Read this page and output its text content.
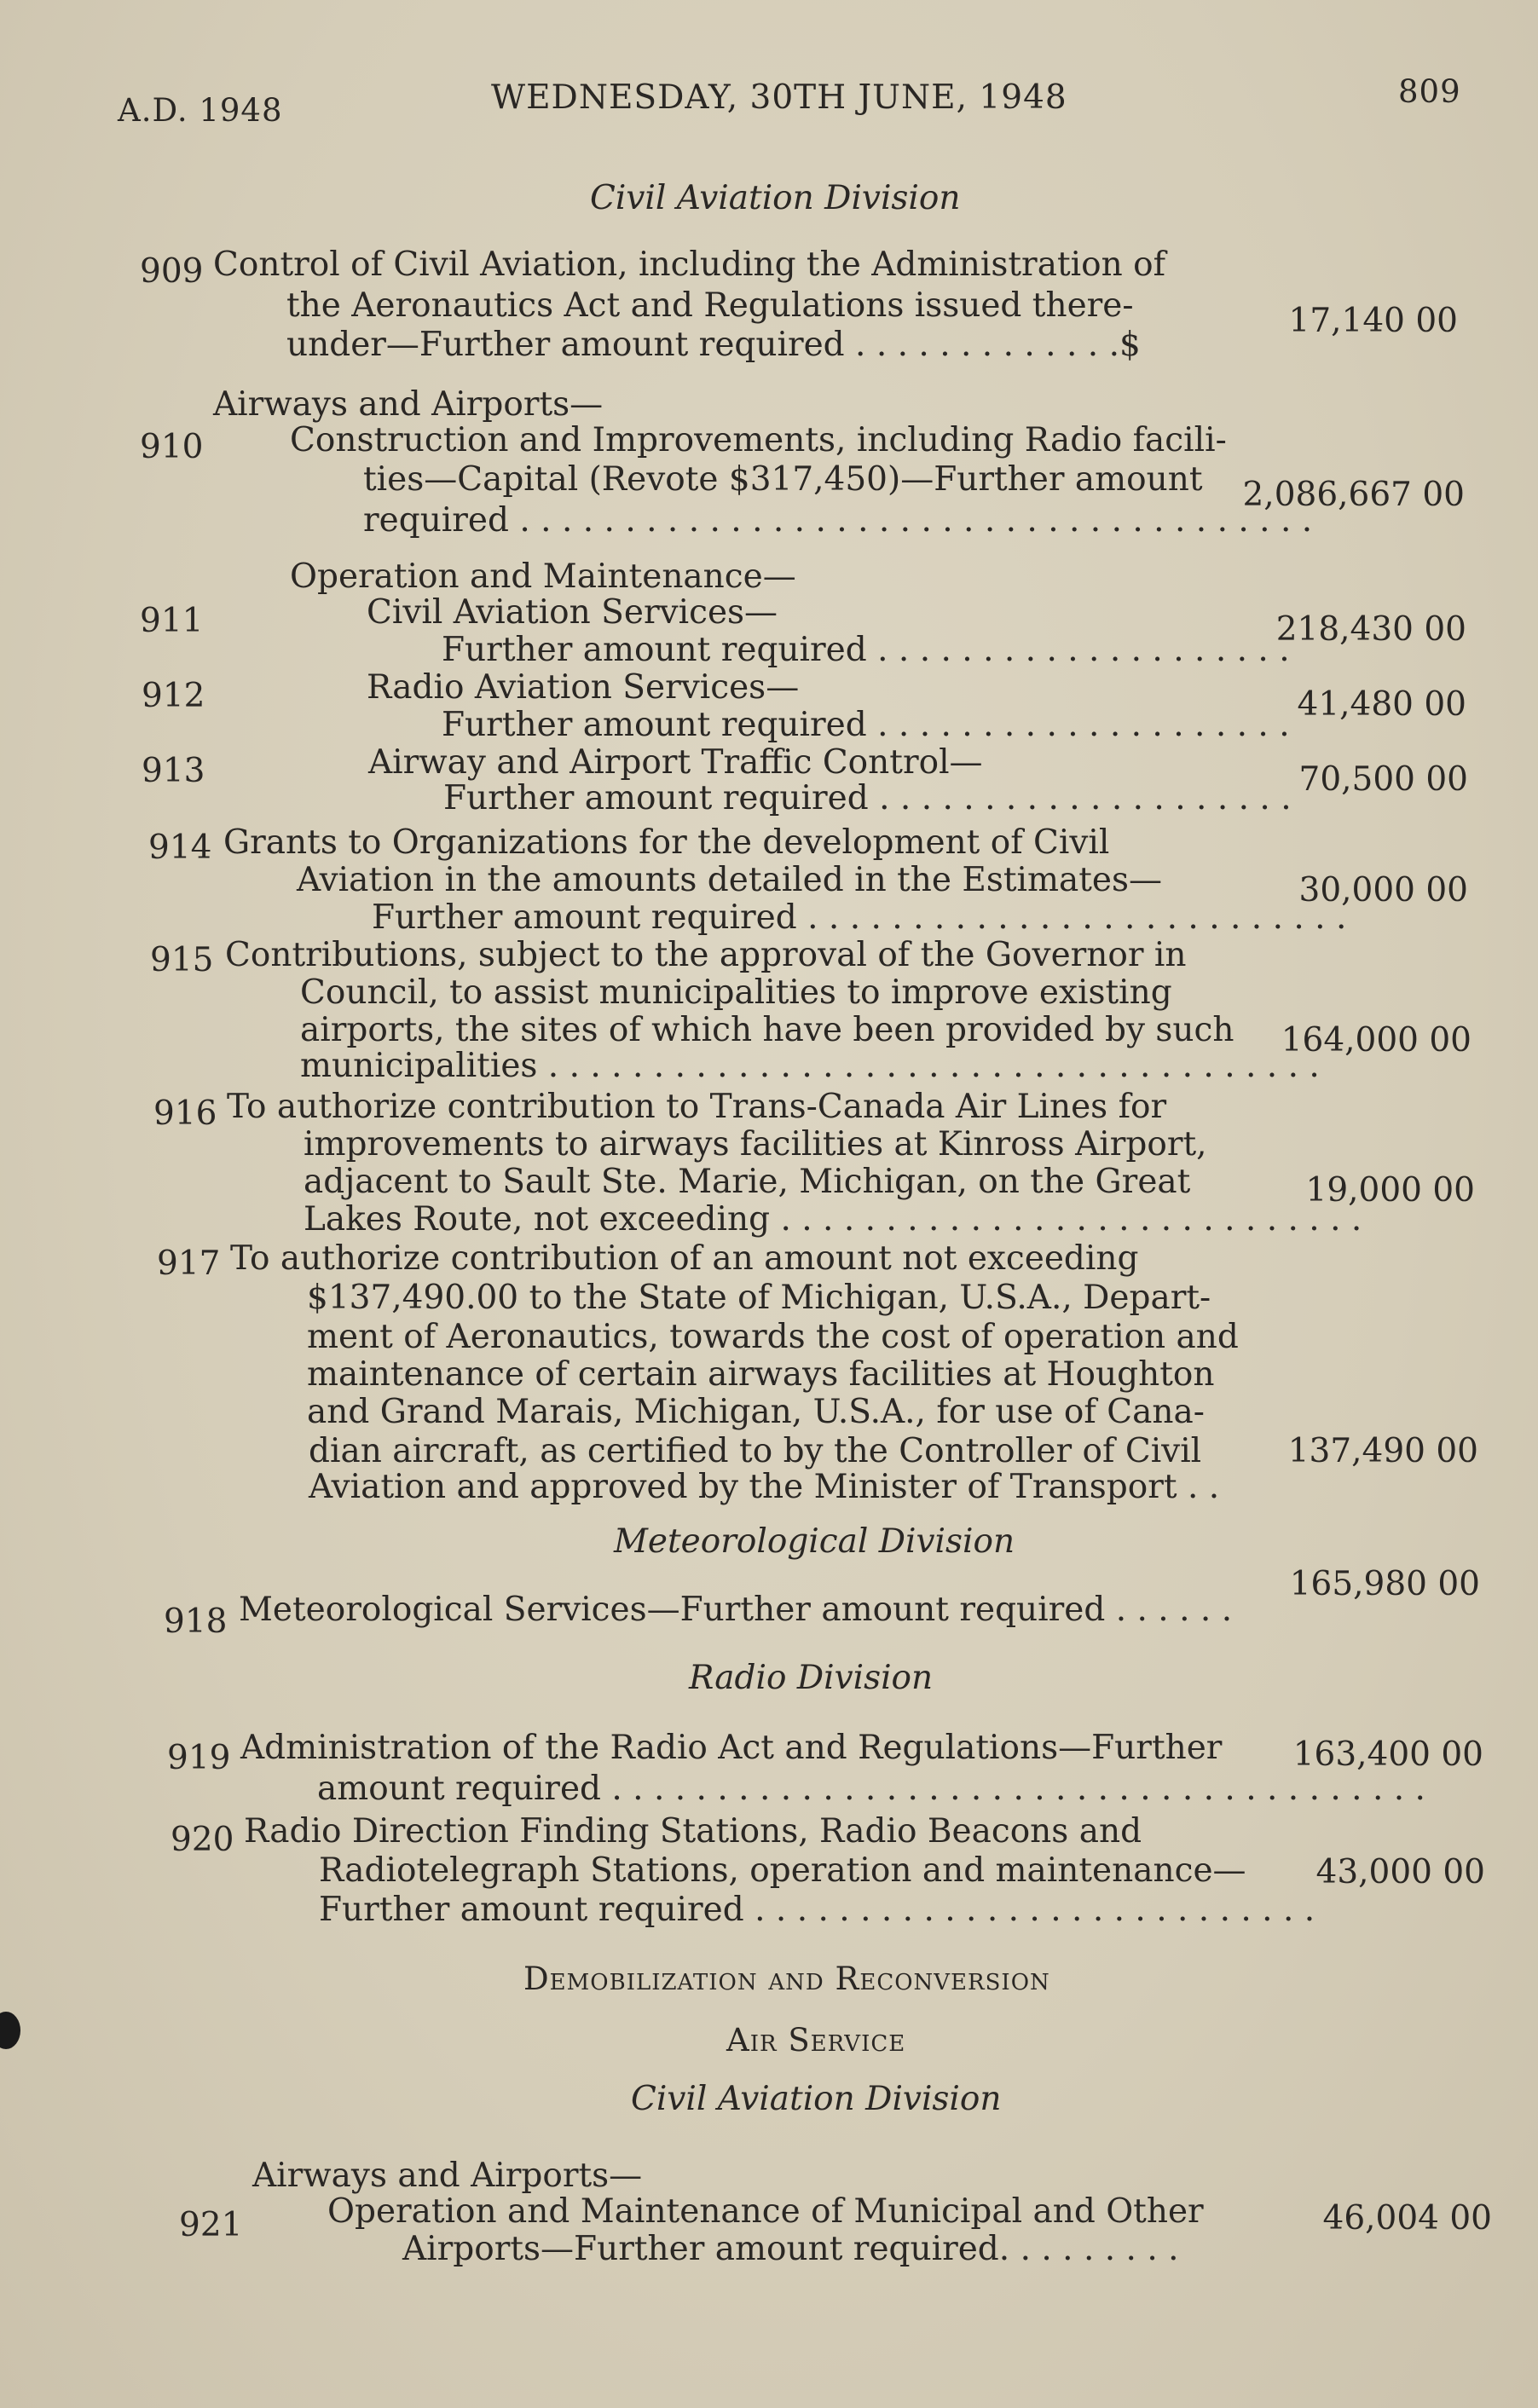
A.D. 1948	WEDNESDAY, 30TH JUNE, 1948	809
Civil Aviation Division
909 Control of Civil Aviation, including the Administration of
the Aeronautics Act and Regulations issued there-
under—Further amount required . . . . . . . . . . . . .$
17,140 00
Airways and Airports—
910	Construction and Improvements, including Radio facili-
ties—Capital (Revote $317,450)—Further amount
required . . . . . . . . . . . . . . . . . . . . . . . . . . . . . . . . . . . . . .
2,086,667 00
Operation and Maintenance—
911	Civil Aviation Services—
Further amount required . . . . . . . . . . . . . . . . . . . .
218,430 00
912	Radio Aviation Services—
Further amount required . . . . . . . . . . . . . . . . . . . .
41,480 00
913	Airway and Airport Traffic Control—
Further amount required . . . . . . . . . . . . . . . . . . . . 70,500 00
914 Grants to Organizations for the development of Civil
Aviation in the amounts detailed in the Estimates—
Further amount required . . . . . . . . . . . . . . . . . . . . . . . . . .
30,000 00
915 Contributions, subject to the approval of the Governor in
Council, to assist municipalities to improve existing
airports, the sites of which have been provided by such
municipalities . . . . . . . . . . . . . . . . . . . . . . . . . . . . . . . . . . . . .
164,000 00
916 To authorize contribution to Trans-Canada Air Lines for
improvements to airways facilities at Kinross Airport,
adjacent to Sault Ste. Marie, Michigan, on the Great
Lakes Route, not exceeding . . . . . . . . . . . . . . . . . . . . . . . . . . . .
19,000 00
917 To authorize contribution of an amount not exceeding
$137,490.00 to the State of Michigan, U.S.A., Depart-
ment of Aeronautics, towards the cost of operation and
maintenance of certain airways facilities at Houghton
and Grand Marais, Michigan, U.S.A., for use of Cana-
dian aircraft, as certified to by the Controller of Civil
Aviation and approved by the Minister of Transport . .
137,490 00
Meteorological Division
918 Meteorological Services—Further amount required . . . . . .
165,980 00
Radio Division
919 Administration of the Radio Act and Regulations—Further
amount required . . . . . . . . . . . . . . . . . . . . . . . . . . . . . . . . . . . . . . .
163,400 00
920 Radio Direction Finding Stations, Radio Beacons and
Radiotelegraph Stations, operation and maintenance—
Further amount required . . . . . . . . . . . . . . . . . . . . . . . . . . .
43,000 00
Demobilization and Reconversion
Air Service
Civil Aviation Division
Airways and Airports—
921	Operation and Maintenance of Municipal and Other
Airports—Further amount required. . . . . . . . .
46,004 00
